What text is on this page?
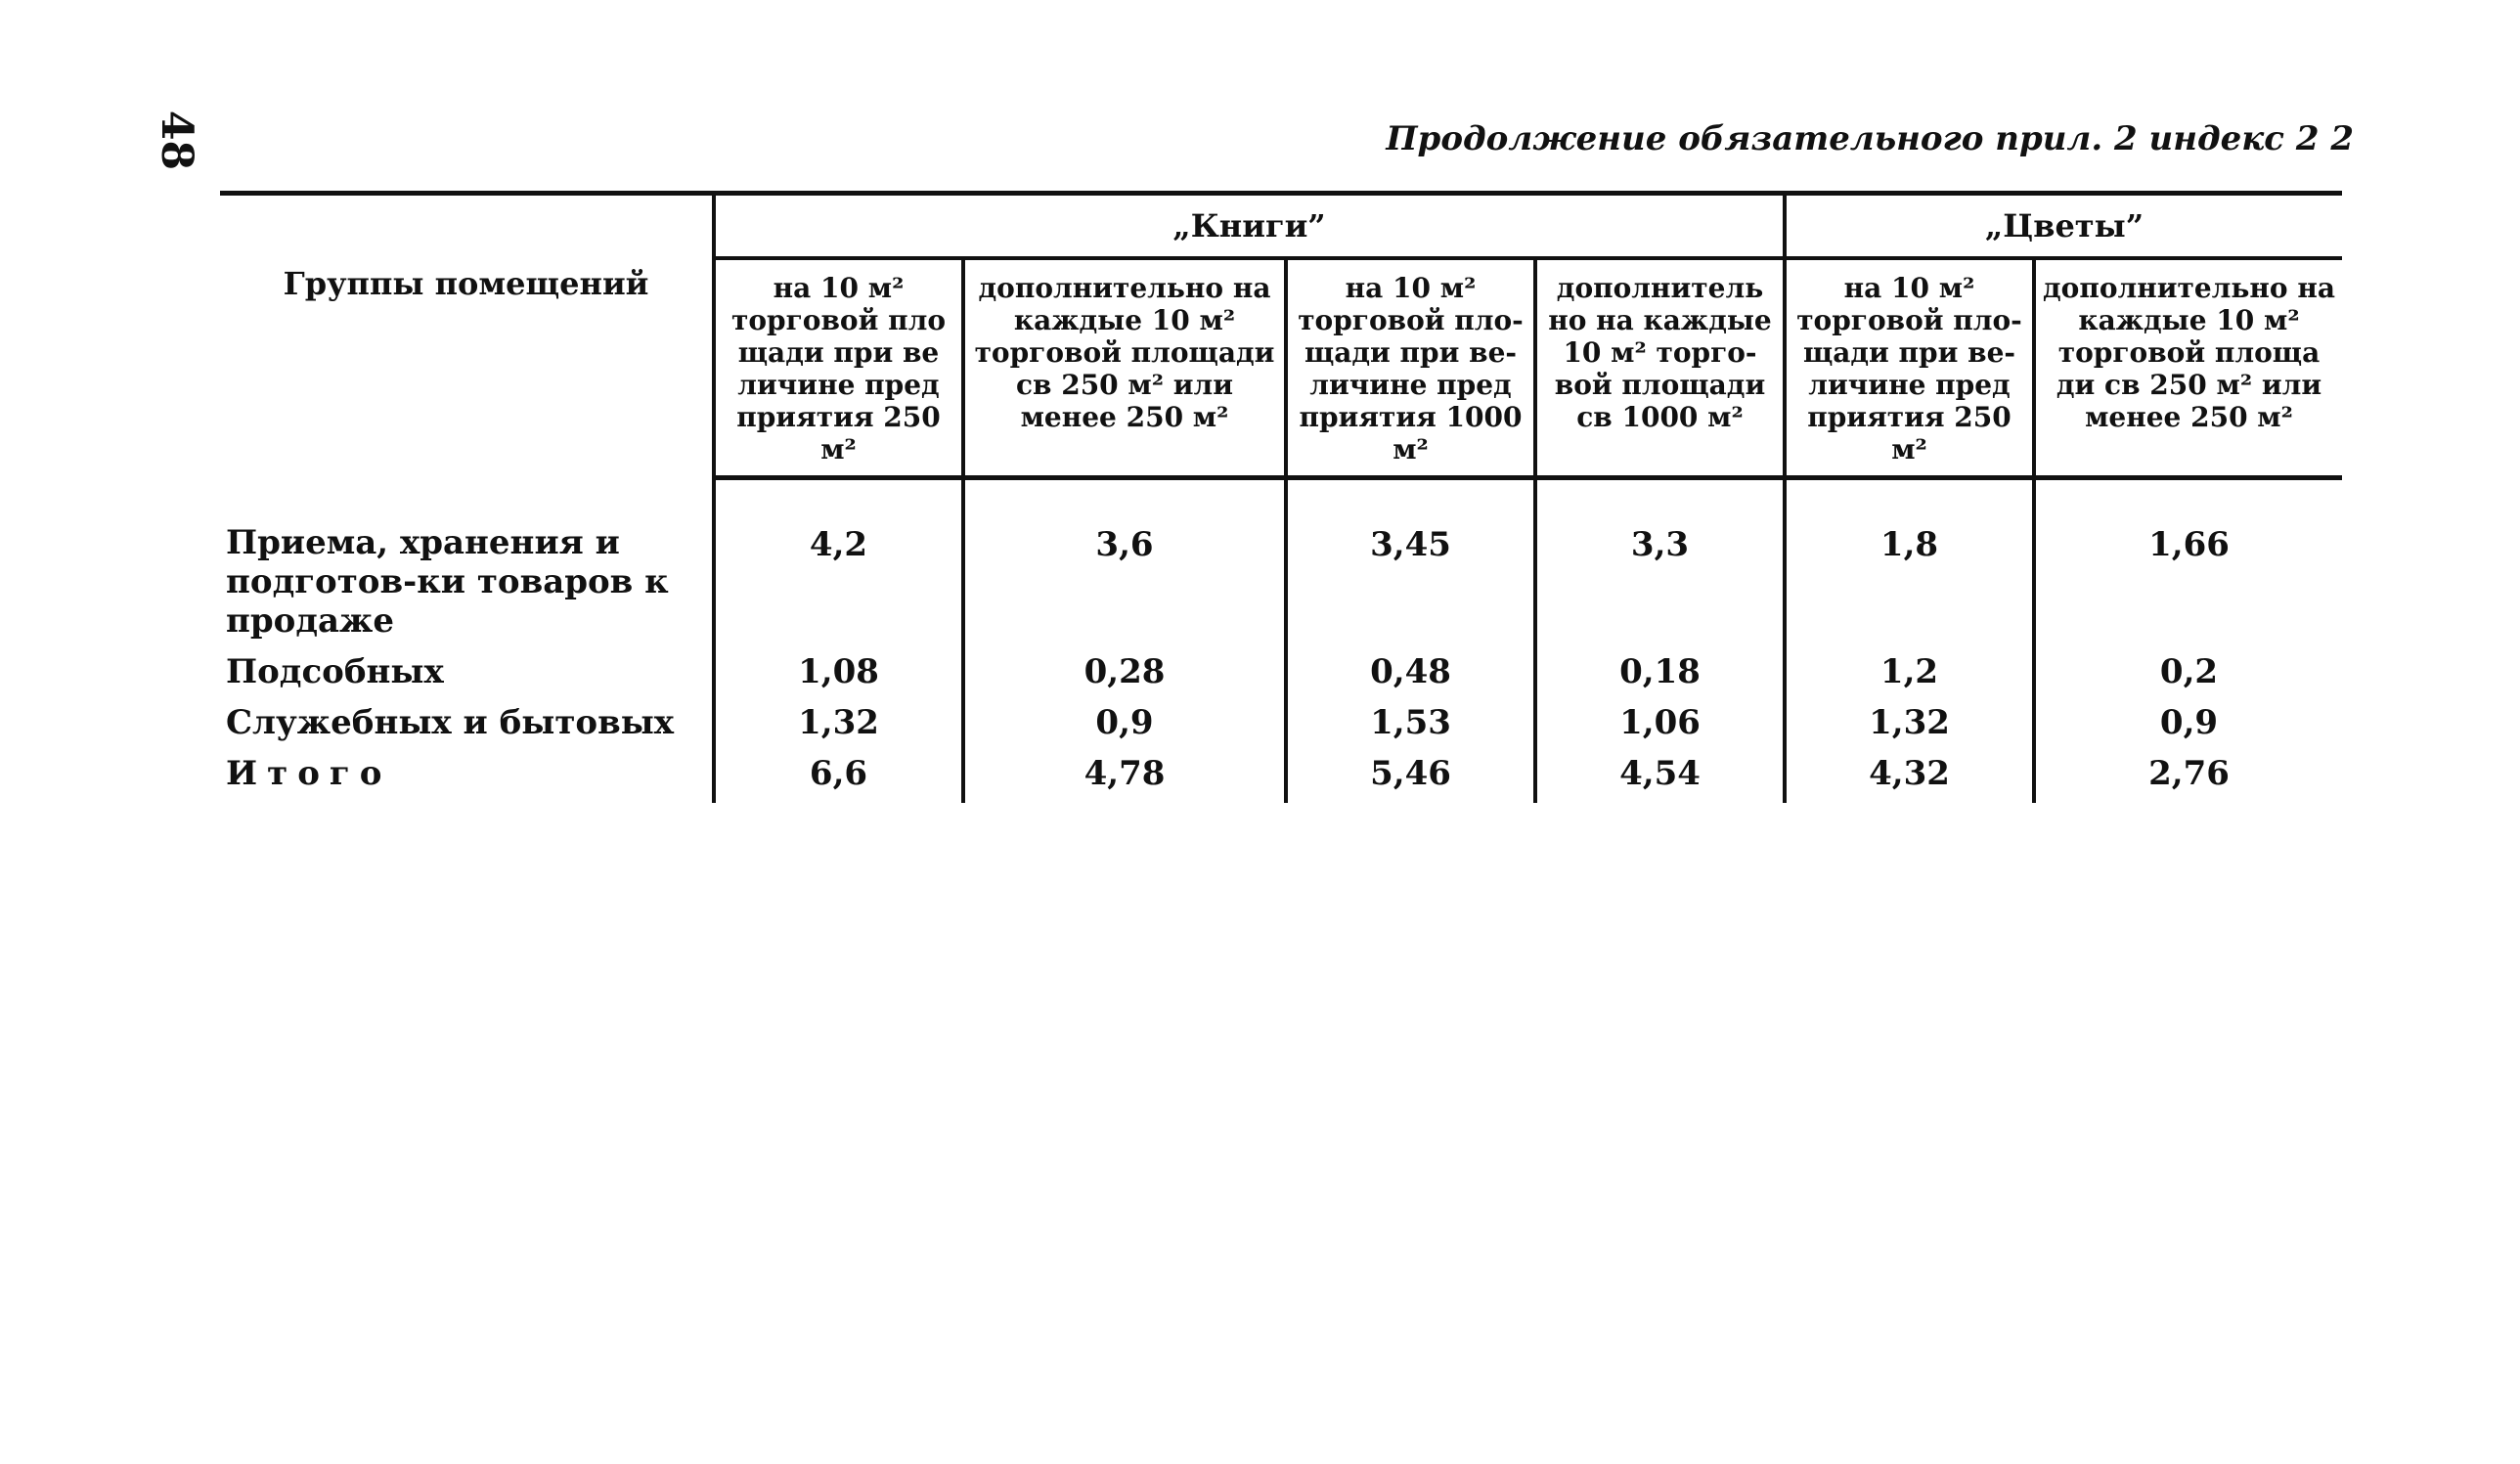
48	Продолжение обязательного прил. 2 индекс 2 2
Группы помещений	„Книги”				„Цветы”	
	на 10 м² торговой пло щади при ве личине пред приятия 250 м²	дополнительно на каждые 10 м² торговой площади св 250 м² или менее 250 м²	на 10 м² торговой пло- щади при ве- личине пред приятия 1000 м²	дополнитель но на каждые 10 м² торго- вой площади св 1000 м²	на 10 м² торговой пло- щади при ве- личине пред приятия 250 м²	дополнительно на каждые 10 м² торговой площа ди св 250 м² или менее 250 м²
Приема, хранения и подготов-ки товаров к продаже	4,2	3,6	3,45	3,3	1,8	1,66
Подсобных	1,08	0,28	0,48	0,18	1,2	0,2
Служебных и бытовых	1,32	0,9	1,53	1,06	1,32	0,9
Итого	6,6	4,78	5,46	4,54	4,32	2,76
